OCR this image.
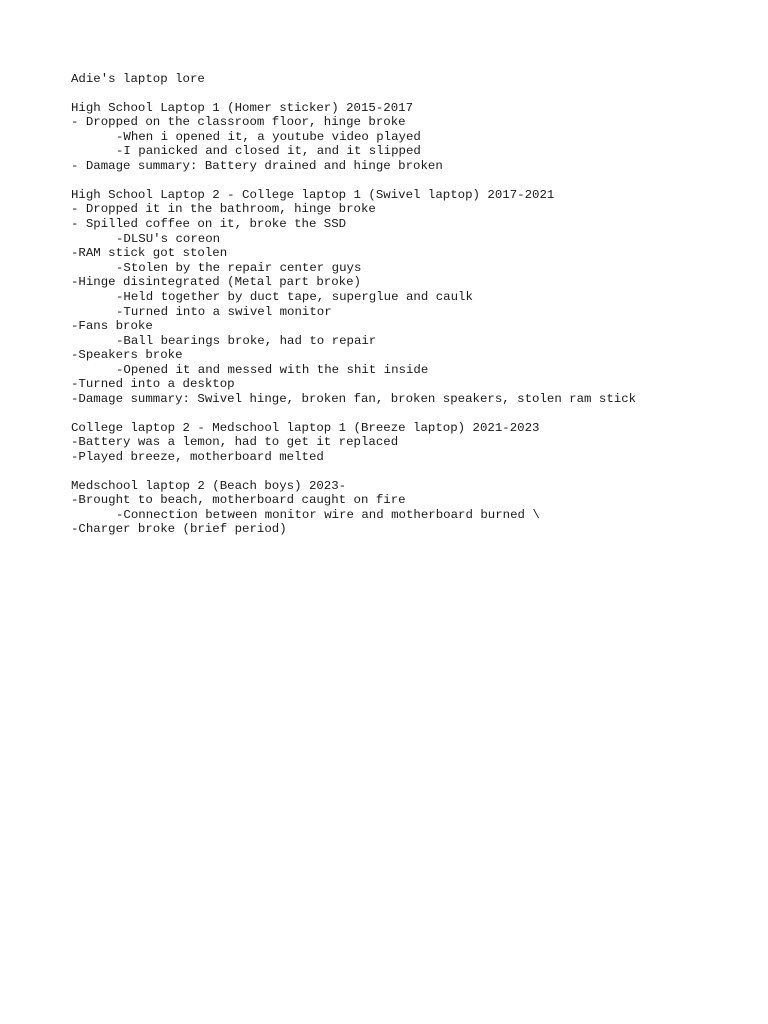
Adie's laptop lore
High School Laptop 1 (Homer sticker) 2015-2017
- Dropped on the classroom floor, hinge broke
-When i opened it, a youtube video played
-I panicked and closed it, and it slipped
- Damage summary: Battery drained and hinge broken
High School Laptop 2 - College laptop 1 (Swivel laptop) 2017-2021
- Dropped it in the bathroom, hinge broke
- Spilled coffee on it, broke the SSD
-DLSU's coreon
-RAM stick got stolen
-Stolen by the repair center guys
-Hinge disintegrated (Metal part broke)
-Held together by duct tape, superglue and caulk
-Turned into a swivel monitor
-Fans broke
-Ball bearings broke, had to repair
-Speakers broke
-Opened it and messed with the shit inside
-Turned into a desktop
-Damage summary: Swivel hinge, broken fan, broken speakers, stolen ram stick
College laptop 2 - Medschool laptop 1 (Breeze laptop) 2021-2023
-Battery was a lemon, had to get it replaced
-Played breeze, motherboard melted
Medschool laptop 2 (Beach boys) 2023-
-Brought to beach, motherboard caught on fire
-Connection between monitor wire and motherboard burned \
-Charger broke (brief period)
